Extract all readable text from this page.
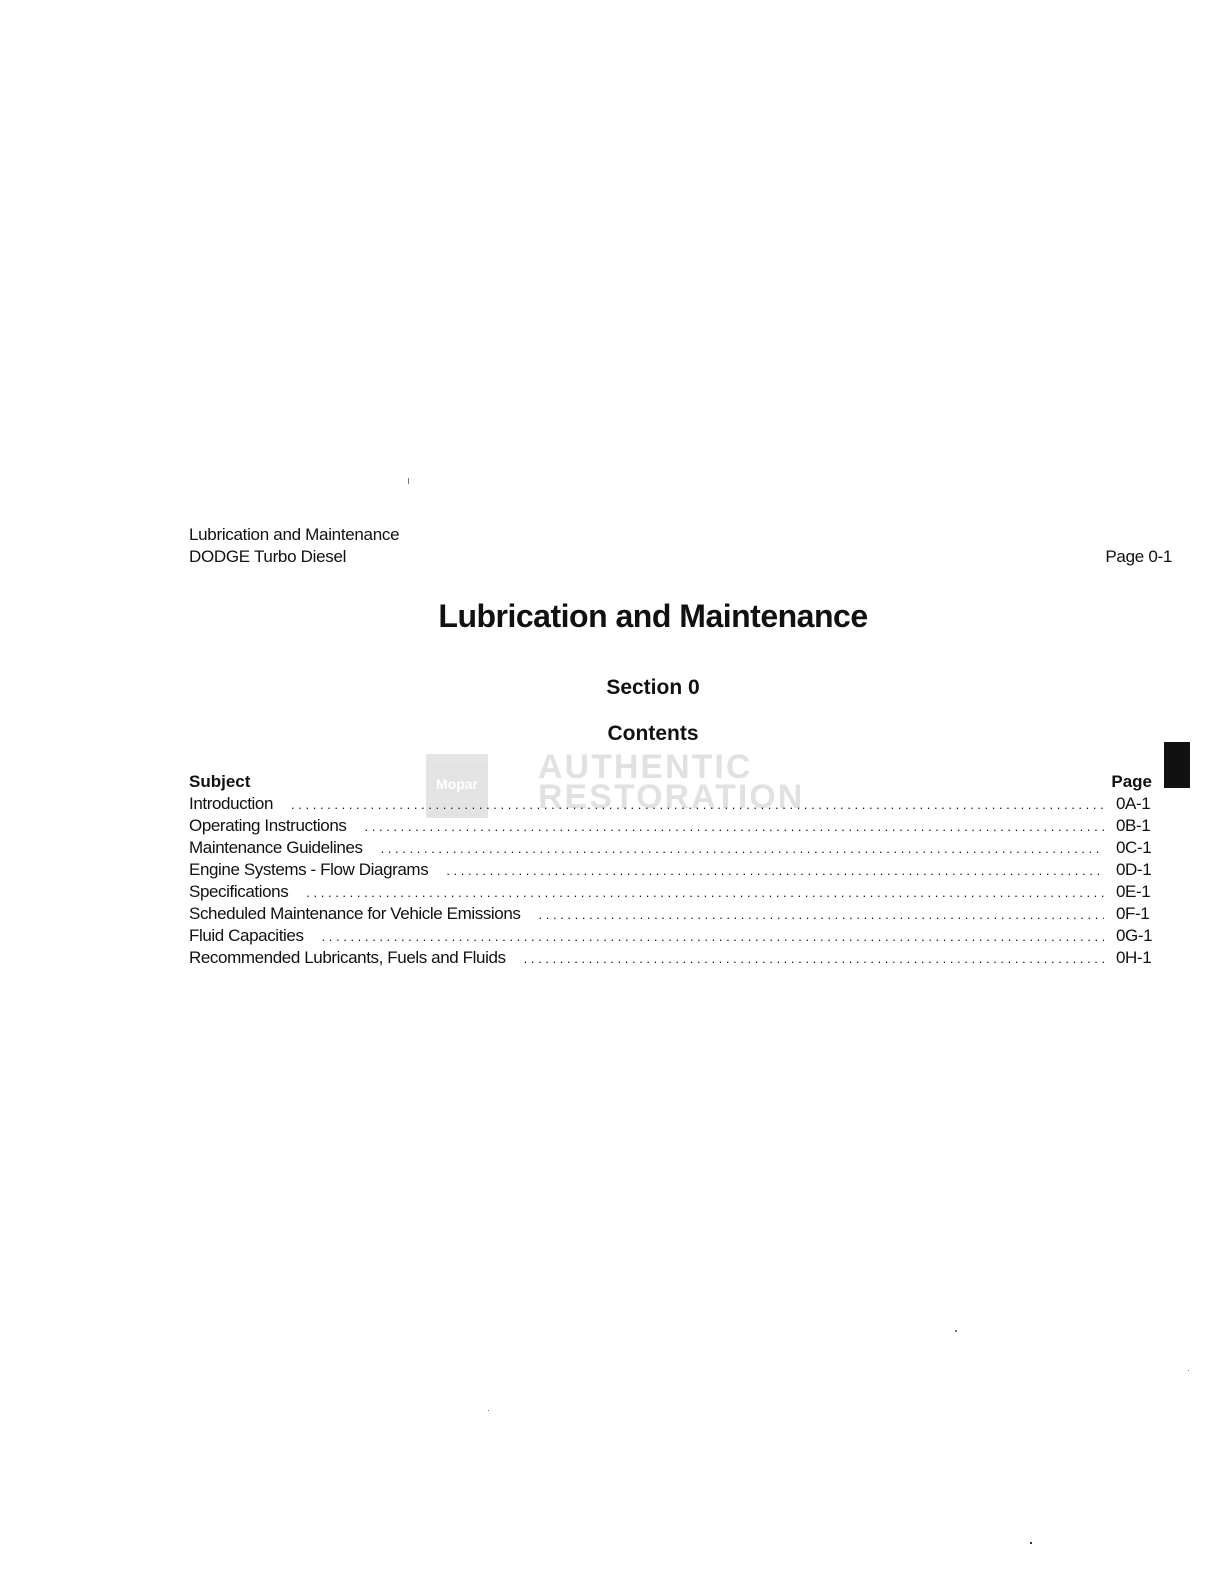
Lubrication and Maintenance
DODGE Turbo Diesel	Page 0-1
Lubrication and Maintenance
Section 0
Contents
Mopar AUTHENTIC
RESTORATION
Subject	Page
Introduction . . .	0A-1
Operating Instructions . . .	0B-1
Maintenance Guidelines . . .	0C-1
Engine Systems - Flow Diagrams . . .	0D-1
Specifications . . .	0E-1
Scheduled Maintenance for Vehicle Emissions . . .	0F-1
Fluid Capacities . . .	0G-1
Recommended Lubricants, Fuels and Fluids . . .	0H-1
